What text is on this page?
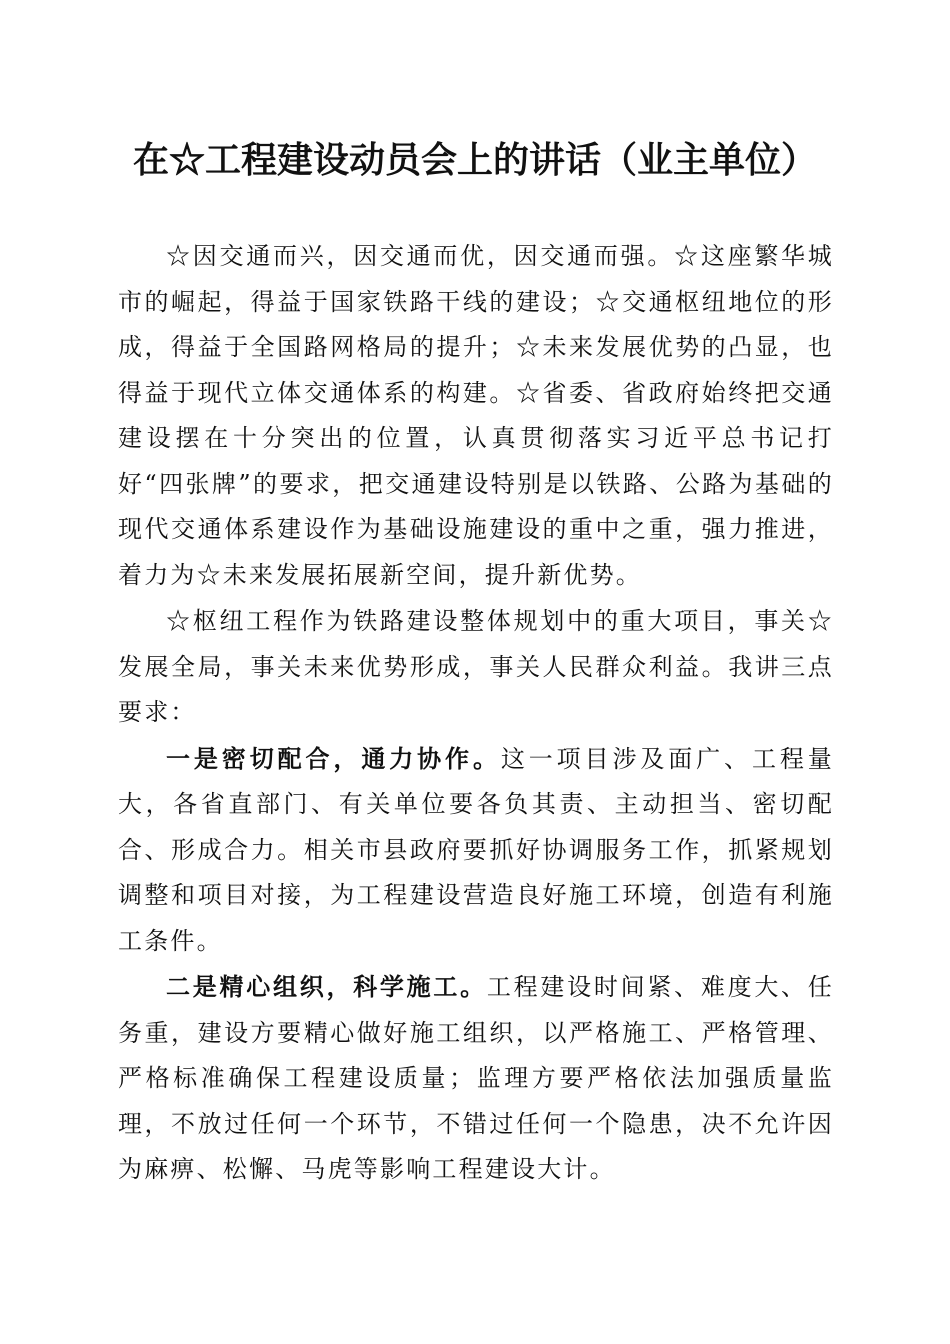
在☆工程建设动员会上的讲话（业主单位）

☆因交通而兴，因交通而优，因交通而强。☆这座繁华城市的崛起，得益于国家铁路干线的建设；☆交通枢纽地位的形成，得益于全国路网格局的提升；☆未来发展优势的凸显，也得益于现代立体交通体系的构建。☆省委、省政府始终把交通建设摆在十分突出的位置，认真贯彻落实习近平总书记打好“四张牌”的要求，把交通建设特别是以铁路、公路为基础的现代交通体系建设作为基础设施建设的重中之重，强力推进，着力为☆未来发展拓展新空间，提升新优势。

☆枢纽工程作为铁路建设整体规划中的重大项目，事关☆发展全局，事关未来优势形成，事关人民群众利益。我讲三点要求：

一是密切配合，通力协作。这一项目涉及面广、工程量大，各省直部门、有关单位要各负其责、主动担当、密切配合、形成合力。相关市县政府要抓好协调服务工作，抓紧规划调整和项目对接，为工程建设营造良好施工环境，创造有利施工条件。

二是精心组织，科学施工。工程建设时间紧、难度大、任务重，建设方要精心做好施工组织，以严格施工、严格管理、严格标准确保工程建设质量；监理方要严格依法加强质量监理，不放过任何一个环节，不错过任何一个隐患，决不允许因为麻痹、松懈、马虎等影响工程建设大计。
